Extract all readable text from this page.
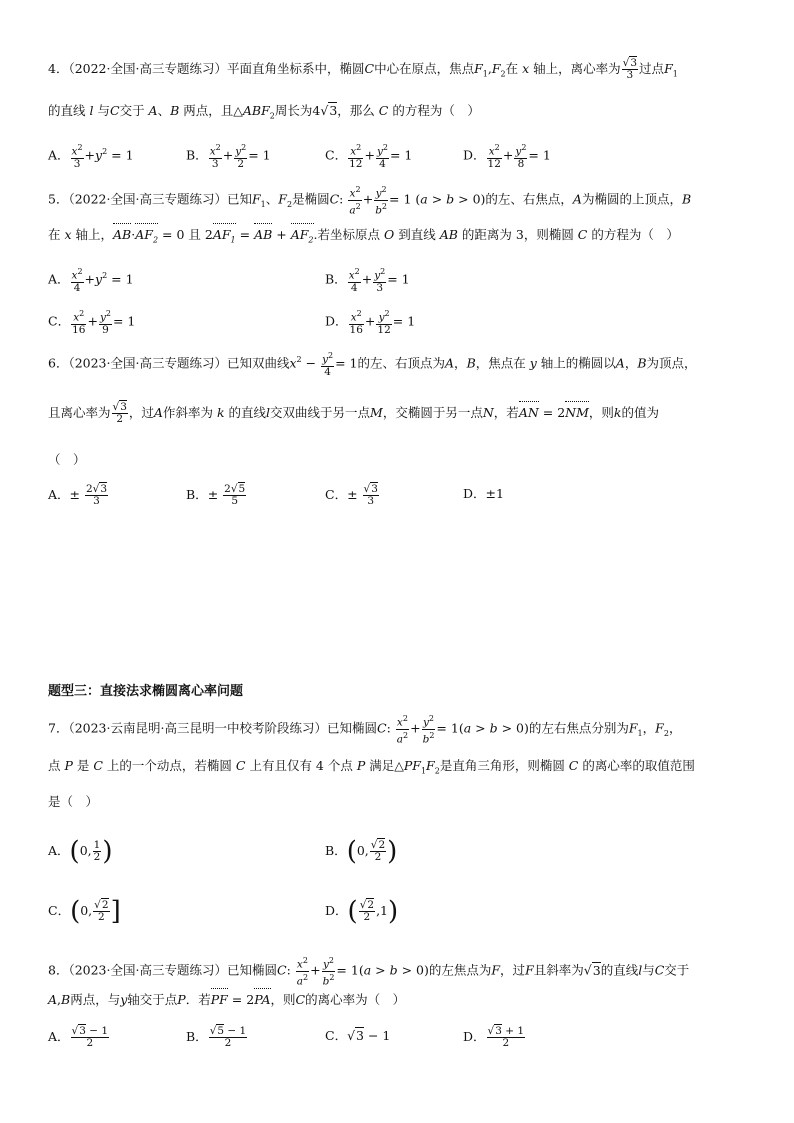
4．（2022·全国·高三专题练习）平面直角坐标系中，椭圆C中心在原点，焦点$F_1,F_2$在 x 轴上，离心率为 $\frac{√3}{3}$ 过点$F_1$
的直线 l 与C交于 A、B 两点，且$\triangle ABF_2$周长为4√3，那么 C 的方程为（　）
A． $\frac{x^2}{3} +y^2 = 1$	B． $\frac{x^2}{3} + \frac{y^2}{2} = 1$	C． $\frac{x^2}{12} + \frac{y^2}{4} = 1$	D． $\frac{x^2}{12} + \frac{y^2}{8} = 1$
5．（2022·全国·高三专题练习）已知$F_1$、$F_2$是椭圆C: $\frac{x^2}{a^2} + \frac{y^2}{b^2} = 1$ (a > b > 0)的左、右焦点，A为椭圆的上顶点，B
在 x 轴上，$AB\cdot AF_2 = 0$ 且 $2AF_1$ = AB + $AF_2$.若坐标原点 O 到直线 AB 的距离为 3，则椭圆 C 的方程为（　）
A． $\frac{x^2}{4} +y^2 = 1$	B． $\frac{x^2}{4} + \frac{y^2}{3} = 1$
C． $\frac{x^2}{16} + \frac{y^2}{9} = 1$	D． $\frac{x^2}{16} + \frac{y^2}{12} = 1$
6．（2023·全国·高三专题练习）已知双曲线$x^2 - \frac{y^2}{4} = 1$的左、右顶点为A，B，焦点在 y 轴上的椭圆以A，B为顶点，
且离心率为 $\frac{√3}{2}$ ，过A作斜率为 k 的直线l交双曲线于另一点M，交椭圆于另一点N，若AN = 2NM，则k的值为
（　）
A．± $\frac{2√3}{3}$	B．± $\frac{2√5}{5}$	C．± $\frac{√3}{3}$	D．±1
题型三：直接法求椭圆离心率问题
7．（2023·云南昆明·高三昆明一中校考阶段练习）已知椭圆C: $\frac{x^2}{a^2} + \frac{y^2}{b^2} = 1(a > b > 0)$的左右焦点分别为$F_1$，$F_2$，
点 P 是 C 上的一个动点，若椭圆 C 上有且仅有 4 个点 P 满足$\triangle PF_1F_2$是直角三角形，则椭圆 C 的离心率的取值范围
是（　）
A．(0, $\frac{1}{2}$ )	B．(0, $\frac{√2}{2}$ )
C．(0, $\frac{√2}{2}$ ]	D．( $\frac{√2}{2} ,1$)
8．（2023·全国·高三专题练习）已知椭圆C: $\frac{x^2}{a^2} + \frac{y^2}{b^2} = 1(a > b > 0)$的左焦点为F，过F且斜率为√3的直线l与C交于
A,B两点，与y轴交于点P．若PF = 2PA，则C的离心率为（　）
A． $\frac{√3 - 1}{2}$	B． $\frac{√5 - 1}{2}$	C．√3 − 1	D． $\frac{√3 + 1}{2}$
